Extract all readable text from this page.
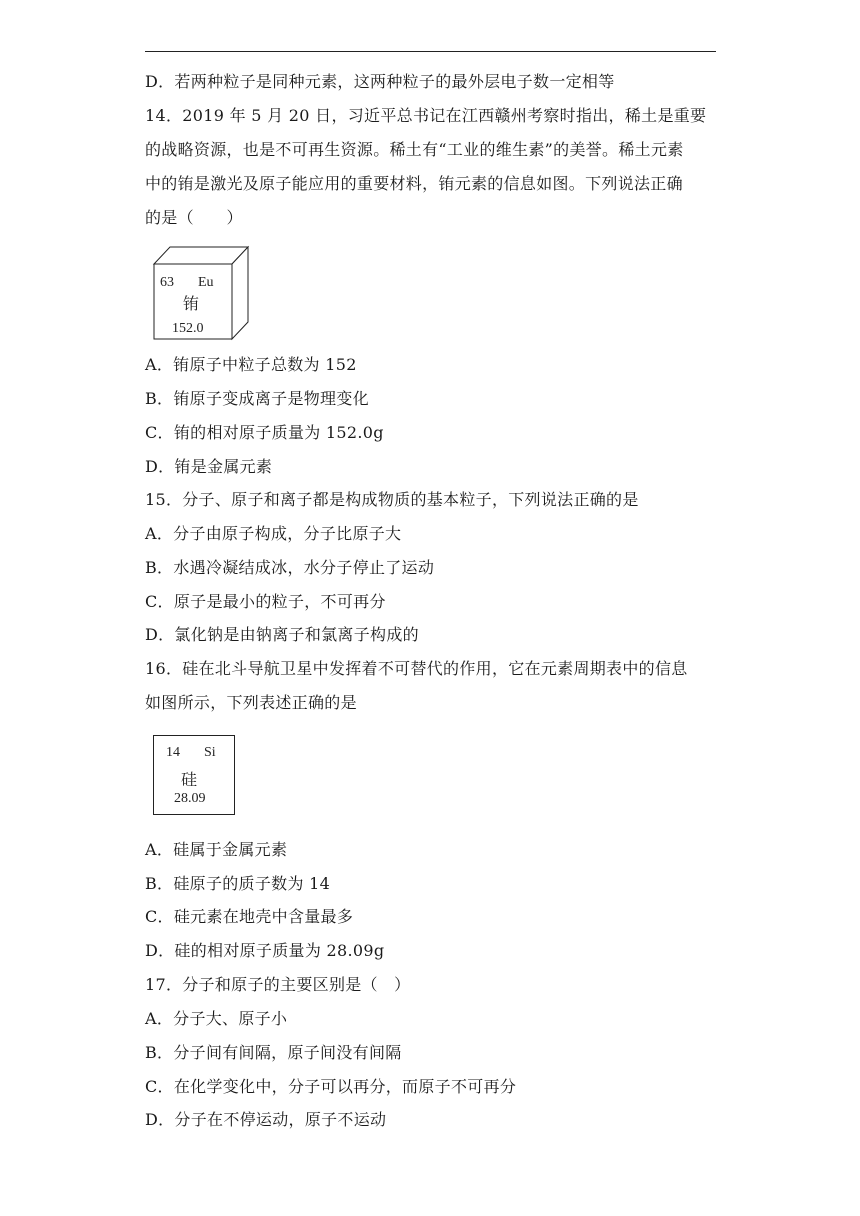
D．若两种粒子是同种元素，这两种粒子的最外层电子数一定相等
14．2019 年 5 月 20 日，习近平总书记在江西赣州考察时指出，稀土是重要
的战略资源，也是不可再生资源。稀土有“工业的维生素”的美誉。稀土元素
中的铕是激光及原子能应用的重要材料，铕元素的信息如图。下列说法正确
的是（　　）
63 Eu
铕
152.0
A．铕原子中粒子总数为 152
B．铕原子变成离子是物理变化
C．铕的相对原子质量为 152.0g
D．铕是金属元素
15．分子、原子和离子都是构成物质的基本粒子，下列说法正确的是
A．分子由原子构成，分子比原子大
B．水遇冷凝结成冰，水分子停止了运动
C．原子是最小的粒子，不可再分
D．氯化钠是由钠离子和氯离子构成的
16．硅在北斗导航卫星中发挥着不可替代的作用，它在元素周期表中的信息
如图所示，下列表述正确的是
14 Si
硅
28.09
A．硅属于金属元素
B．硅原子的质子数为 14
C．硅元素在地壳中含量最多
D．硅的相对原子质量为 28.09g
17．分子和原子的主要区别是（　）
A．分子大、原子小
B．分子间有间隔，原子间没有间隔
C．在化学变化中，分子可以再分，而原子不可再分
D．分子在不停运动，原子不运动
